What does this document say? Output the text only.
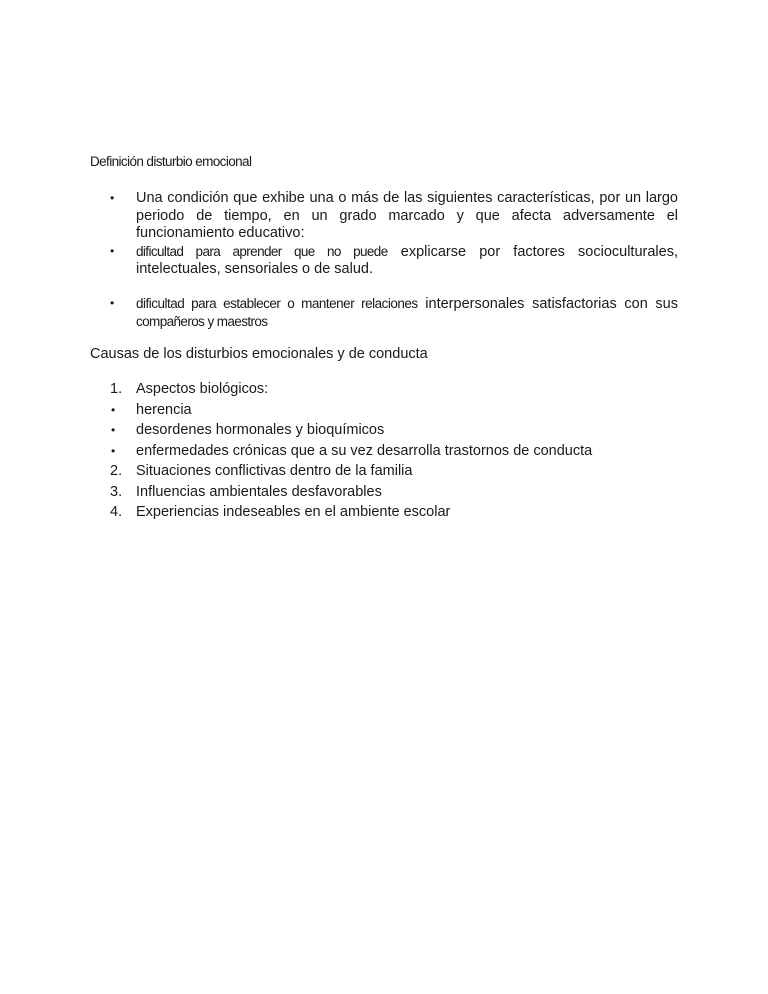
Definición disturbio emocional
• Una condición que exhibe una o más de las siguientes características, por un largo periodo de tiempo, en un grado marcado y que afecta adversamente el funcionamiento educativo:
• dificultad para aprender que no puede explicarse por factores socioculturales, intelectuales, sensoriales o de salud.
• dificultad para establecer o mantener relaciones interpersonales satisfactorias con sus compañeros y maestros
Causas de los disturbios emocionales y de conducta
1. Aspectos biológicos:
• herencia
• desordenes hormonales y bioquímicos
• enfermedades crónicas que a su vez desarrolla trastornos de conducta
2. Situaciones conflictivas dentro de la familia
3. Influencias ambientales desfavorables
4. Experiencias indeseables en el ambiente escolar
